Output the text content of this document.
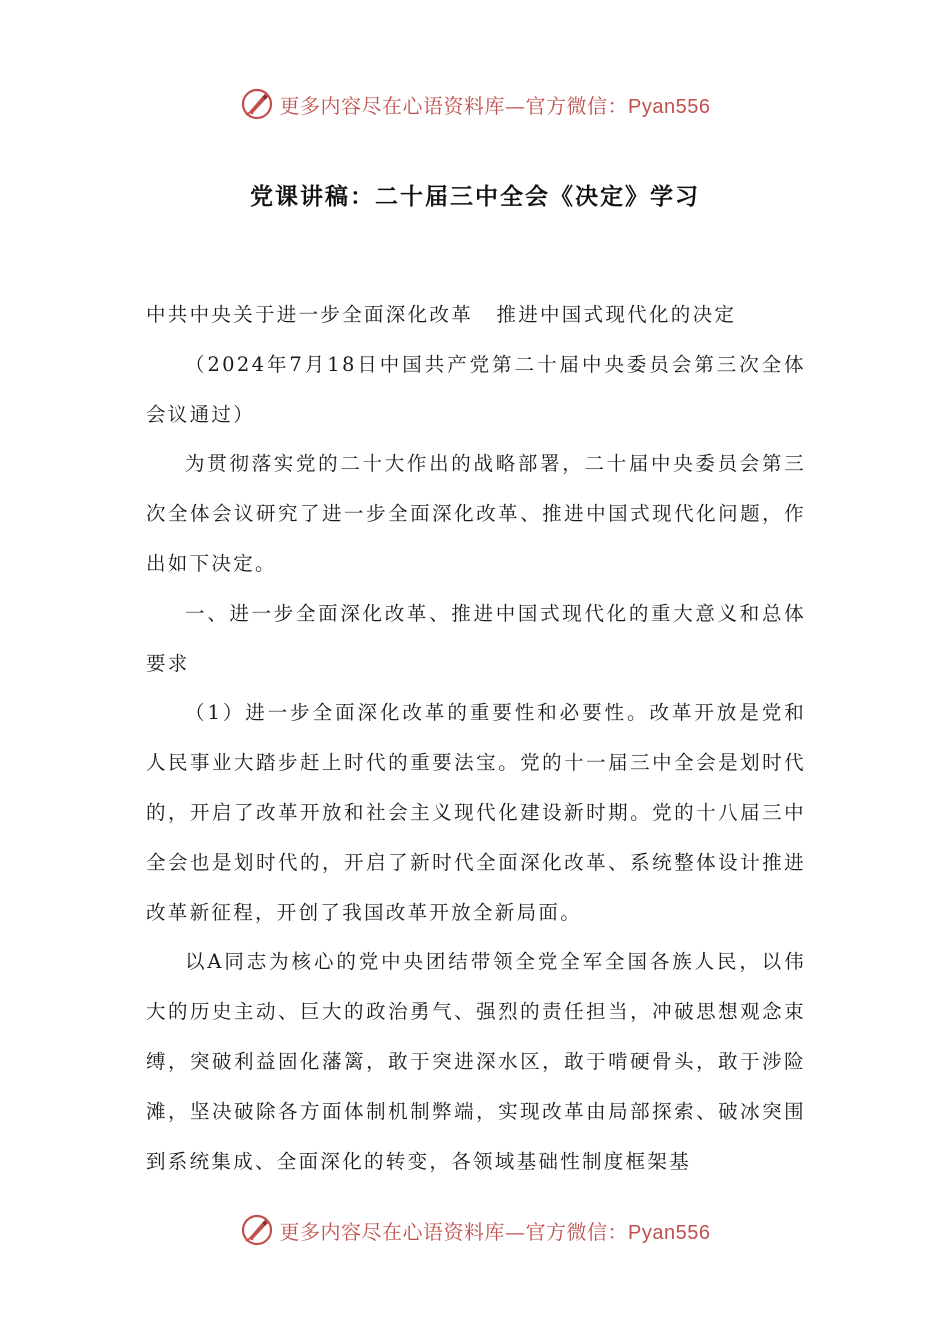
更多内容尽在心语资料库—官方微信：Pyan556
党课讲稿：二十届三中全会《决定》学习

中共中央关于进一步全面深化改革 推进中国式现代化的决定

（2024年7月18日中国共产党第二十届中央委员会第三次全体会议通过）

为贯彻落实党的二十大作出的战略部署，二十届中央委员会第三次全体会议研究了进一步全面深化改革、推进中国式现代化问题，作出如下决定。

一、进一步全面深化改革、推进中国式现代化的重大意义和总体要求

（1）进一步全面深化改革的重要性和必要性。改革开放是党和人民事业大踏步赶上时代的重要法宝。党的十一届三中全会是划时代的，开启了改革开放和社会主义现代化建设新时期。党的十八届三中全会也是划时代的，开启了新时代全面深化改革、系统整体设计推进改革新征程，开创了我国改革开放全新局面。

以A同志为核心的党中央团结带领全党全军全国各族人民，以伟大的历史主动、巨大的政治勇气、强烈的责任担当，冲破思想观念束缚，突破利益固化藩篱，敢于突进深水区，敢于啃硬骨头，敢于涉险滩，坚决破除各方面体制机制弊端，实现改革由局部探索、破冰突围到系统集成、全面深化的转变，各领域基础性制度框架基

更多内容尽在心语资料库—官方微信：Pyan556
